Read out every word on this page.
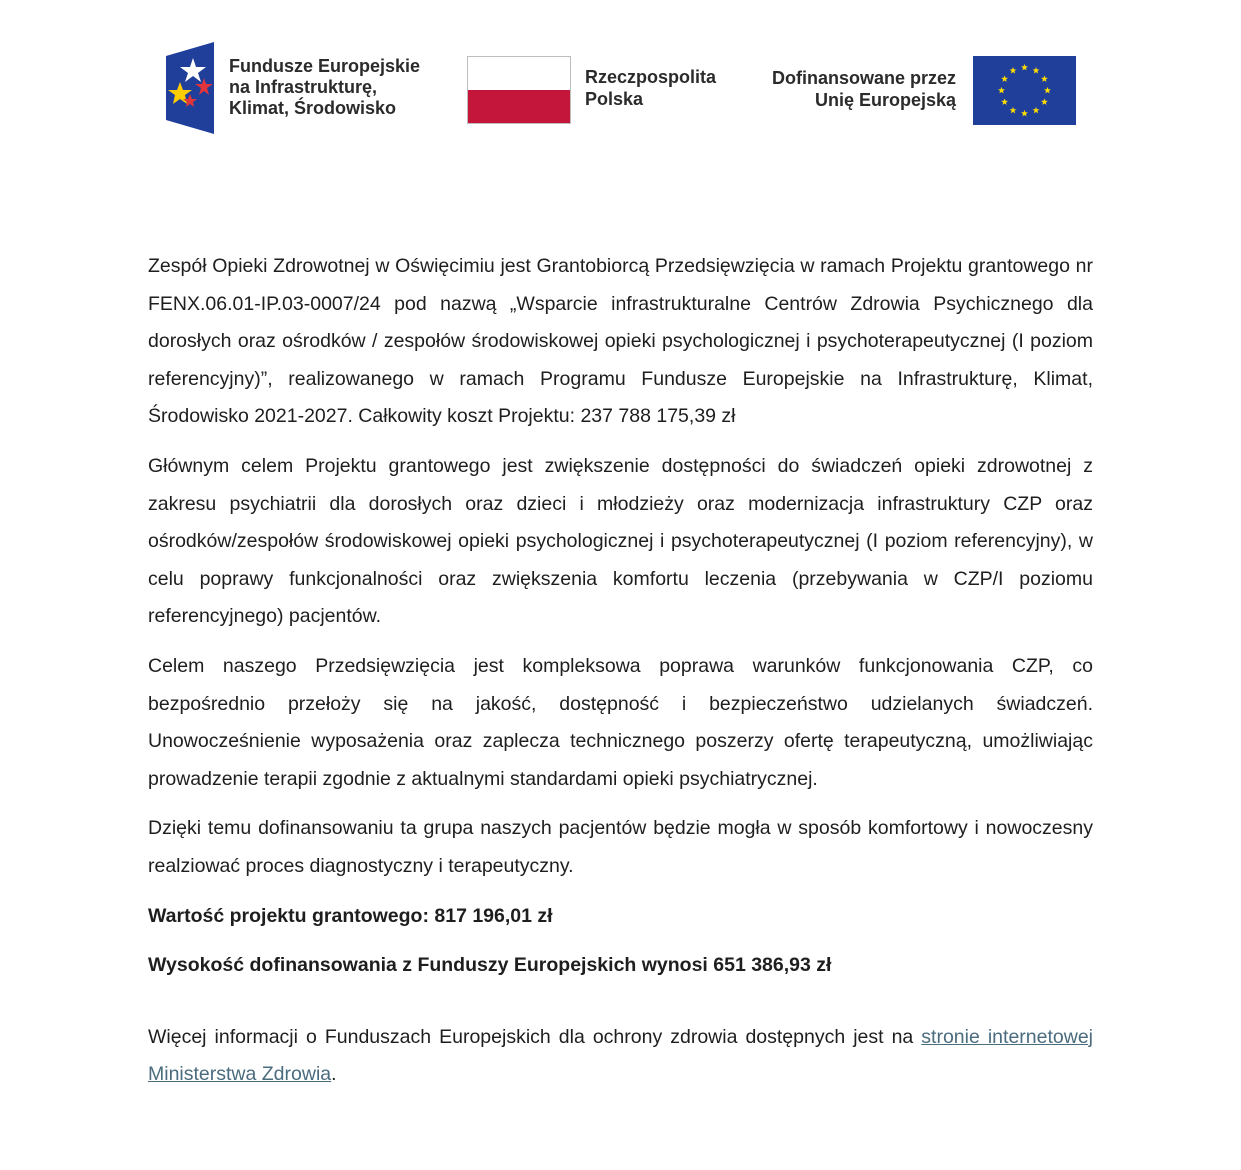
Fundusze Europejskie
na Infrastrukturę,
Klimat, Środowisko
Rzeczpospolita
Polska
Dofinansowane przez
Unię Europejską

Zespół Opieki Zdrowotnej w Oświęcimiu jest Grantobiorcą Przedsięwzięcia w ramach Projektu grantowego nr FENX.06.01-IP.03-0007/24 pod nazwą „Wsparcie infrastrukturalne Centrów Zdrowia Psychicznego dla dorosłych oraz ośrodków / zespołów środowiskowej opieki psychologicznej i psychoterapeutycznej (I poziom referencyjny)”, realizowanego w ramach Programu Fundusze Europejskie na Infrastrukturę, Klimat, Środowisko 2021-2027. Całkowity koszt Projektu: 237 788 175,39 zł

Głównym celem Projektu grantowego jest zwiększenie dostępności do świadczeń opieki zdrowotnej z zakresu psychiatrii dla dorosłych oraz dzieci i młodzieży oraz modernizacja infrastruktury CZP oraz ośrodków/zespołów środowiskowej opieki psychologicznej i psychoterapeutycznej (I poziom referencyjny), w celu poprawy funkcjonalności oraz zwiększenia komfortu leczenia (przebywania w CZP/I poziomu referencyjnego) pacjentów.

Celem naszego Przedsięwzięcia jest kompleksowa poprawa warunków funkcjonowania CZP, co bezpośrednio przełoży się na jakość, dostępność i bezpieczeństwo udzielanych świadczeń. Unowocześnienie wyposażenia oraz zaplecza technicznego poszerzy ofertę terapeutyczną, umożliwiając prowadzenie terapii zgodnie z aktualnymi standardami opieki psychiatrycznej.

Dzięki temu dofinansowaniu ta grupa naszych pacjentów będzie mogła w sposób komfortowy i nowoczesny realziować proces diagnostyczny i terapeutyczny.

Wartość projektu grantowego: 817 196,01 zł

Wysokość dofinansowania z Funduszy Europejskich wynosi 651 386,93 zł

Więcej informacji o Funduszach Europejskich dla ochrony zdrowia dostępnych jest na stronie internetowej Ministerstwa Zdrowia.
